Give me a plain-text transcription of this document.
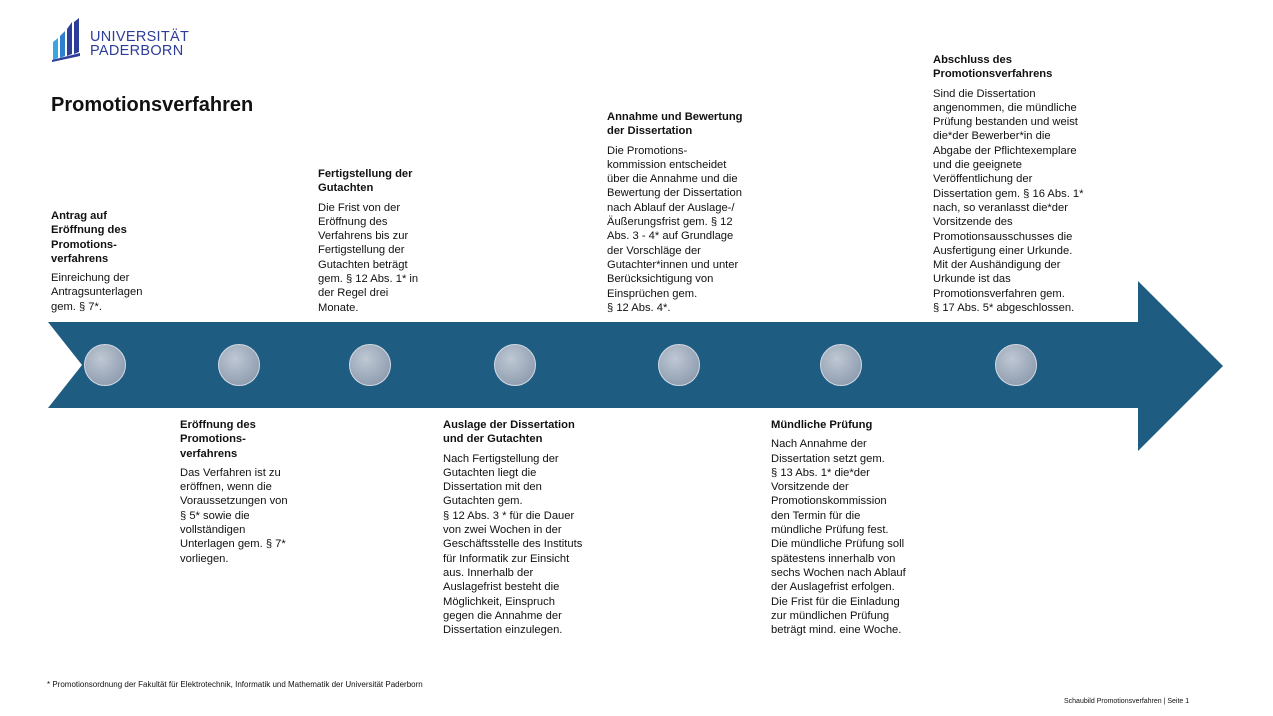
UNIVERSITÄT
PADERBORN
Promotionsverfahren
Antrag auf
Eröffnung des
Promotions-
verfahrens
Einreichung der
Antragsunterlagen
gem. § 7*.
Eröffnung des
Promotions-
verfahrens
Das Verfahren ist zu
eröffnen, wenn die
Voraussetzungen von
§ 5* sowie die
vollständigen
Unterlagen gem. § 7*
vorliegen.
Fertigstellung der
Gutachten
Die Frist von der
Eröffnung des
Verfahrens bis zur
Fertigstellung der
Gutachten beträgt
gem. § 12 Abs. 1* in
der Regel drei
Monate.
Auslage der Dissertation
und der Gutachten
Nach Fertigstellung der
Gutachten liegt die
Dissertation mit den
Gutachten gem.
§ 12 Abs. 3 * für die Dauer
von zwei Wochen in der
Geschäftsstelle des Instituts
für Informatik zur Einsicht
aus. Innerhalb der
Auslagefrist besteht die
Möglichkeit, Einspruch
gegen die Annahme der
Dissertation einzulegen.
Annahme und Bewertung
der Dissertation
Die Promotions-
kommission entscheidet
über die Annahme und die
Bewertung der Dissertation
nach Ablauf der Auslage-/
Äußerungsfrist gem. § 12
Abs. 3 - 4* auf Grundlage
der Vorschläge der
Gutachter*innen und unter
Berücksichtigung von
Einsprüchen gem.
§ 12 Abs. 4*.
Mündliche Prüfung
Nach Annahme der
Dissertation setzt gem.
§ 13 Abs. 1* die*der
Vorsitzende der
Promotionskommission
den Termin für die
mündliche Prüfung fest.
Die mündliche Prüfung soll
spätestens innerhalb von
sechs Wochen nach Ablauf
der Auslagefrist erfolgen.
Die Frist für die Einladung
zur mündlichen Prüfung
beträgt mind. eine Woche.
Abschluss des
Promotionsverfahrens
Sind die Dissertation
angenommen, die mündliche
Prüfung bestanden und weist
die*der Bewerber*in die
Abgabe der Pflichtexemplare
und die geeignete
Veröffentlichung der
Dissertation gem. § 16 Abs. 1*
nach, so veranlasst die*der
Vorsitzende des
Promotionsausschusses die
Ausfertigung einer Urkunde.
Mit der Aushändigung der
Urkunde ist das
Promotionsverfahren gem.
§ 17 Abs. 5* abgeschlossen.
* Promotionsordnung der Fakultät für Elektrotechnik, Informatik und Mathematik der Universität Paderborn
Schaubild Promotionsverfahren | Seite 1
